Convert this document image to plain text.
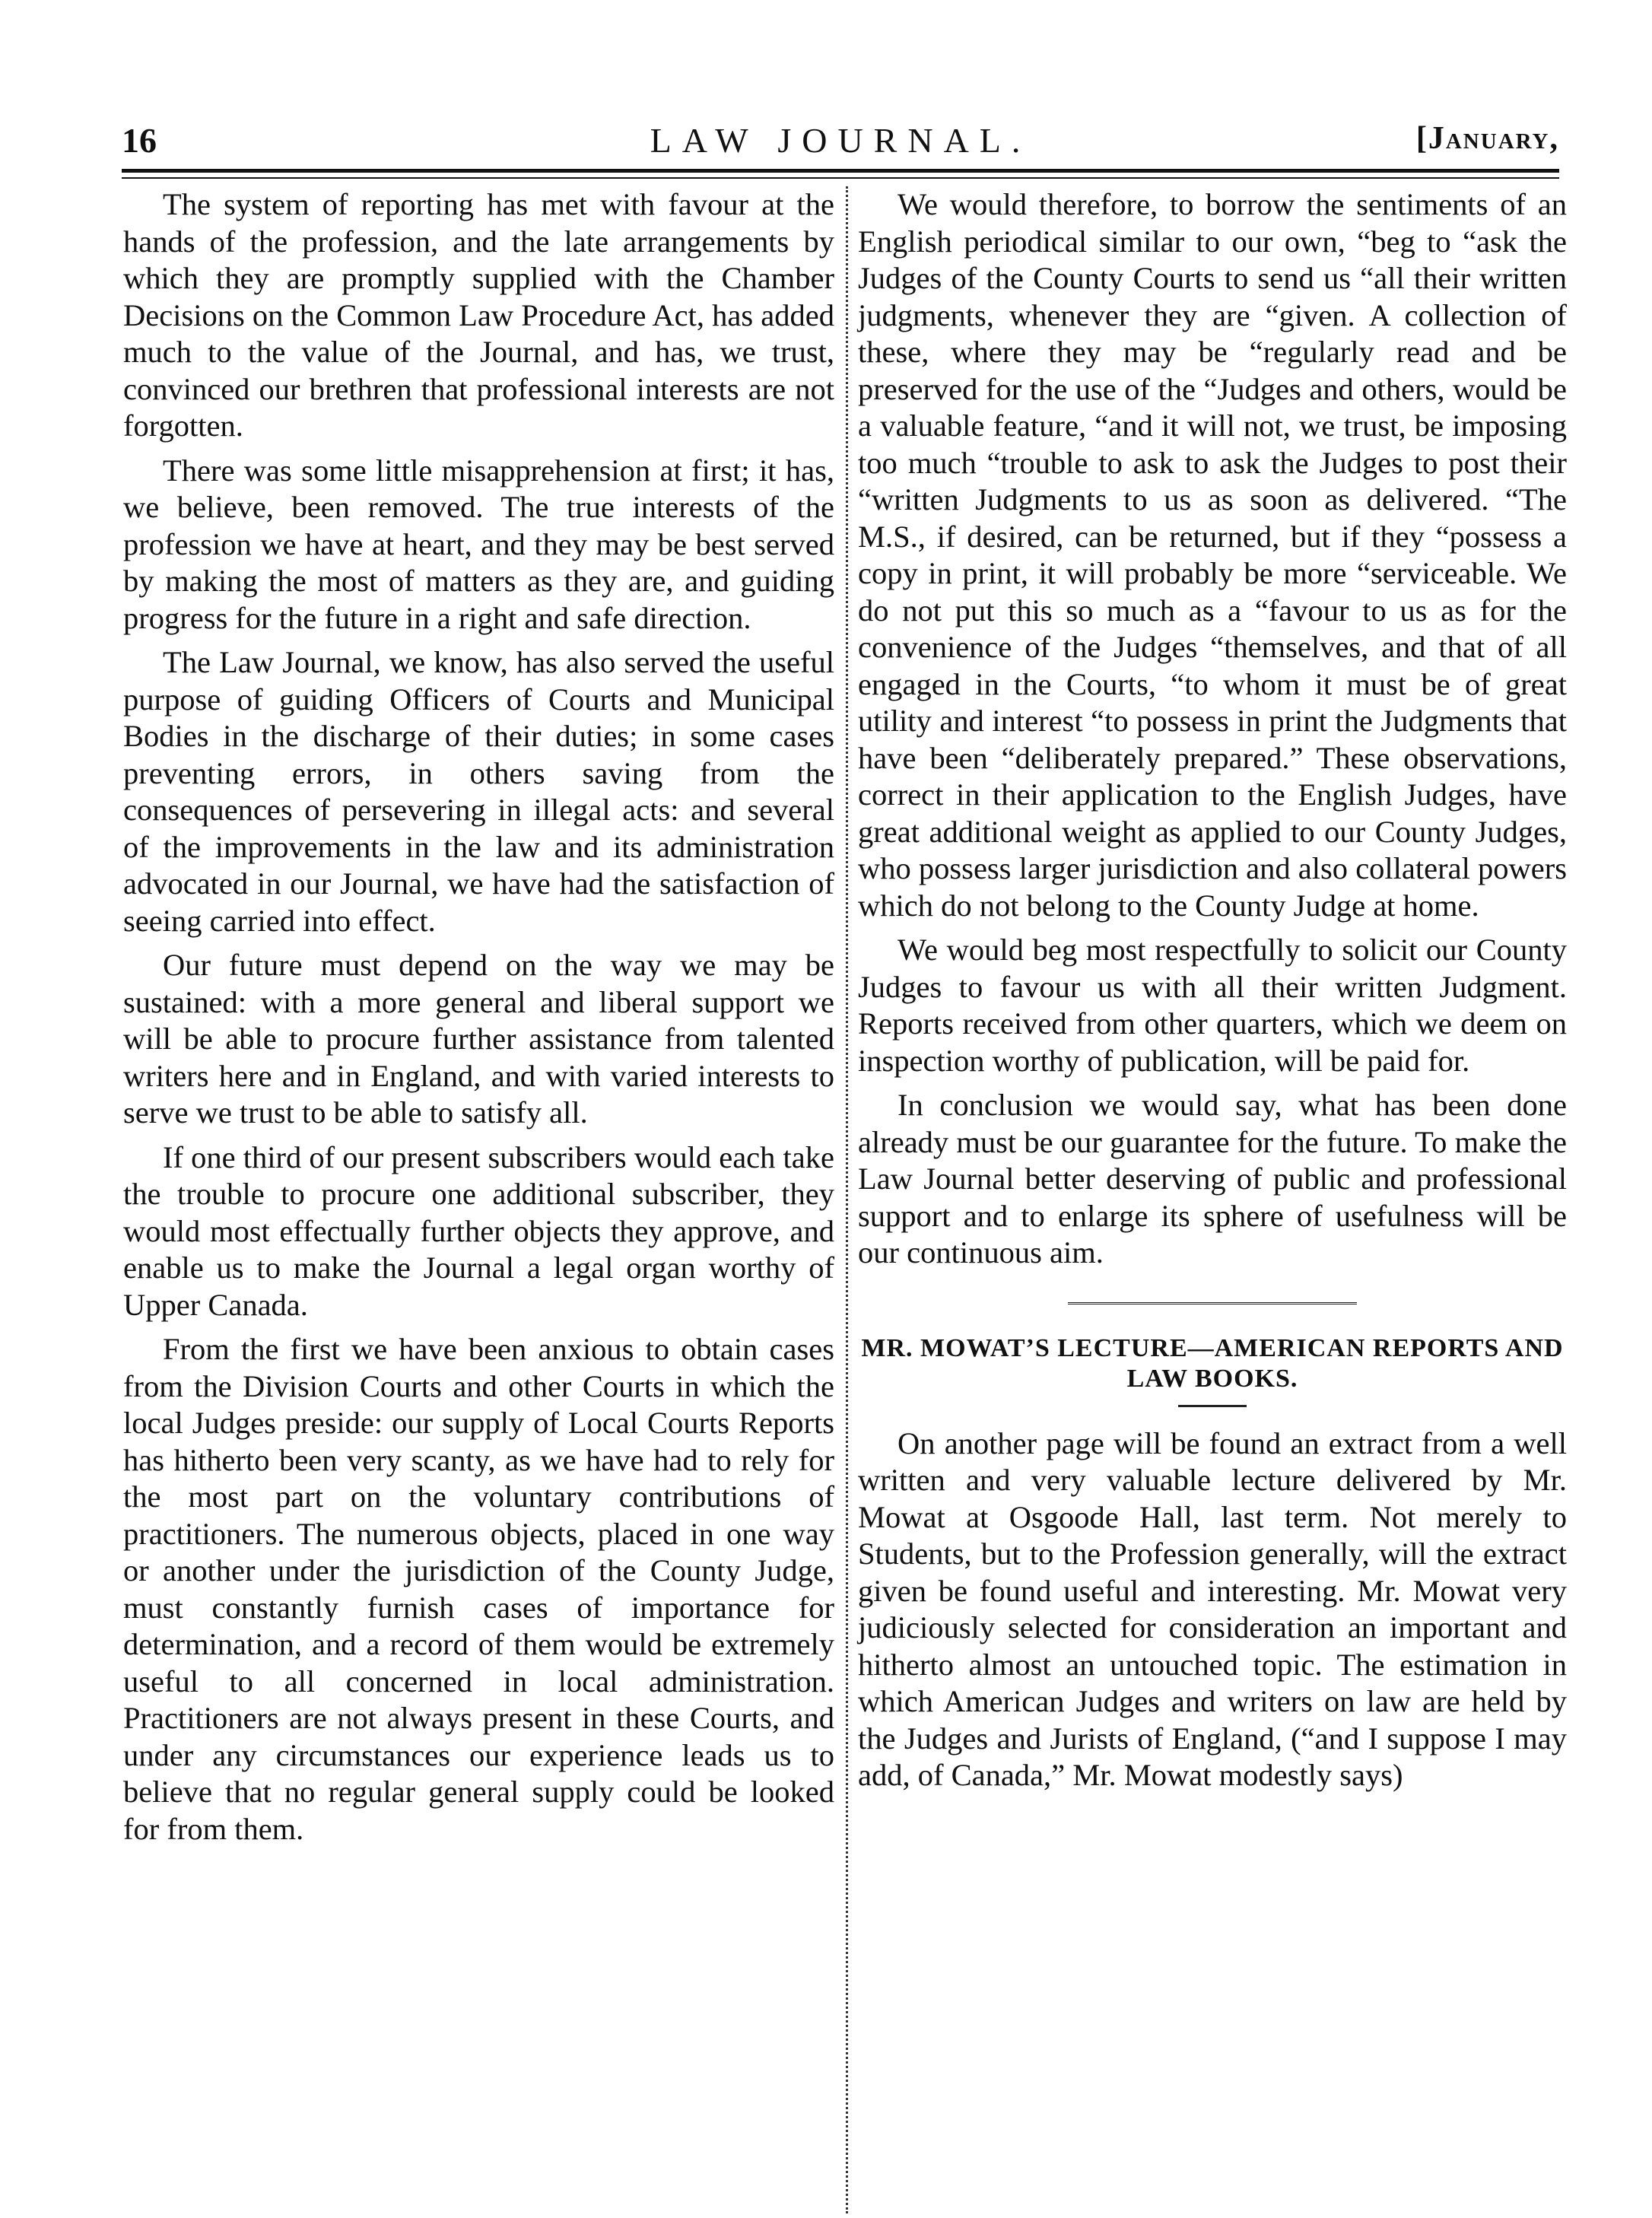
16	LAW JOURNAL.	[January,

The system of reporting has met with favour at the hands of the profession, and the late arrangements by which they are promptly supplied with the Chamber Decisions on the Common Law Procedure Act, has added much to the value of the Journal, and has, we trust, convinced our brethren that professional interests are not forgotten.

There was some little misapprehension at first; it has, we believe, been removed. The true interests of the profession we have at heart, and they may be best served by making the most of matters as they are, and guiding progress for the future in a right and safe direction.

The Law Journal, we know, has also served the useful purpose of guiding Officers of Courts and Municipal Bodies in the discharge of their duties; in some cases preventing errors, in others saving from the consequences of persevering in illegal acts: and several of the improvements in the law and its administration advocated in our Journal, we have had the satisfaction of seeing carried into effect.

Our future must depend on the way we may be sustained: with a more general and liberal support we will be able to procure further assistance from talented writers here and in England, and with varied interests to serve we trust to be able to satisfy all.

If one third of our present subscribers would each take the trouble to procure one additional subscriber, they would most effectually further objects they approve, and enable us to make the Journal a legal organ worthy of Upper Canada.

From the first we have been anxious to obtain cases from the Division Courts and other Courts in which the local Judges preside: our supply of Local Courts Reports has hitherto been very scanty, as we have had to rely for the most part on the voluntary contributions of practitioners. The numerous objects, placed in one way or another under the jurisdiction of the County Judge, must constantly furnish cases of importance for determination, and a record of them would be extremely useful to all concerned in local administration. Practitioners are not always present in these Courts, and under any circumstances our experience leads us to believe that no regular general supply could be looked for from them.

We would therefore, to borrow the sentiments of an English periodical similar to our own, “beg to “ask the Judges of the County Courts to send us “all their written judgments, whenever they are “given. A collection of these, where they may be “regularly read and be preserved for the use of the “Judges and others, would be a valuable feature, “and it will not, we trust, be imposing too much “trouble to ask to ask the Judges to post their “written Judgments to us as soon as delivered. “The M.S., if desired, can be returned, but if they “possess a copy in print, it will probably be more “serviceable. We do not put this so much as a “favour to us as for the convenience of the Judges “themselves, and that of all engaged in the Courts, “to whom it must be of great utility and interest “to possess in print the Judgments that have been “deliberately prepared.” These observations, correct in their application to the English Judges, have great additional weight as applied to our County Judges, who possess larger jurisdiction and also collateral powers which do not belong to the County Judge at home.

We would beg most respectfully to solicit our County Judges to favour us with all their written Judgment. Reports received from other quarters, which we deem on inspection worthy of publication, will be paid for.

In conclusion we would say, what has been done already must be our guarantee for the future. To make the Law Journal better deserving of public and professional support and to enlarge its sphere of usefulness will be our continuous aim.

MR. MOWAT’S LECTURE—AMERICAN REPORTS AND LAW BOOKS.

On another page will be found an extract from a well written and very valuable lecture delivered by Mr. Mowat at Osgoode Hall, last term. Not merely to Students, but to the Profession generally, will the extract given be found useful and interesting. Mr. Mowat very judiciously selected for consideration an important and hitherto almost an untouched topic. The estimation in which American Judges and writers on law are held by the Judges and Jurists of England, (“and I suppose I may add, of Canada,” Mr. Mowat modestly says)
